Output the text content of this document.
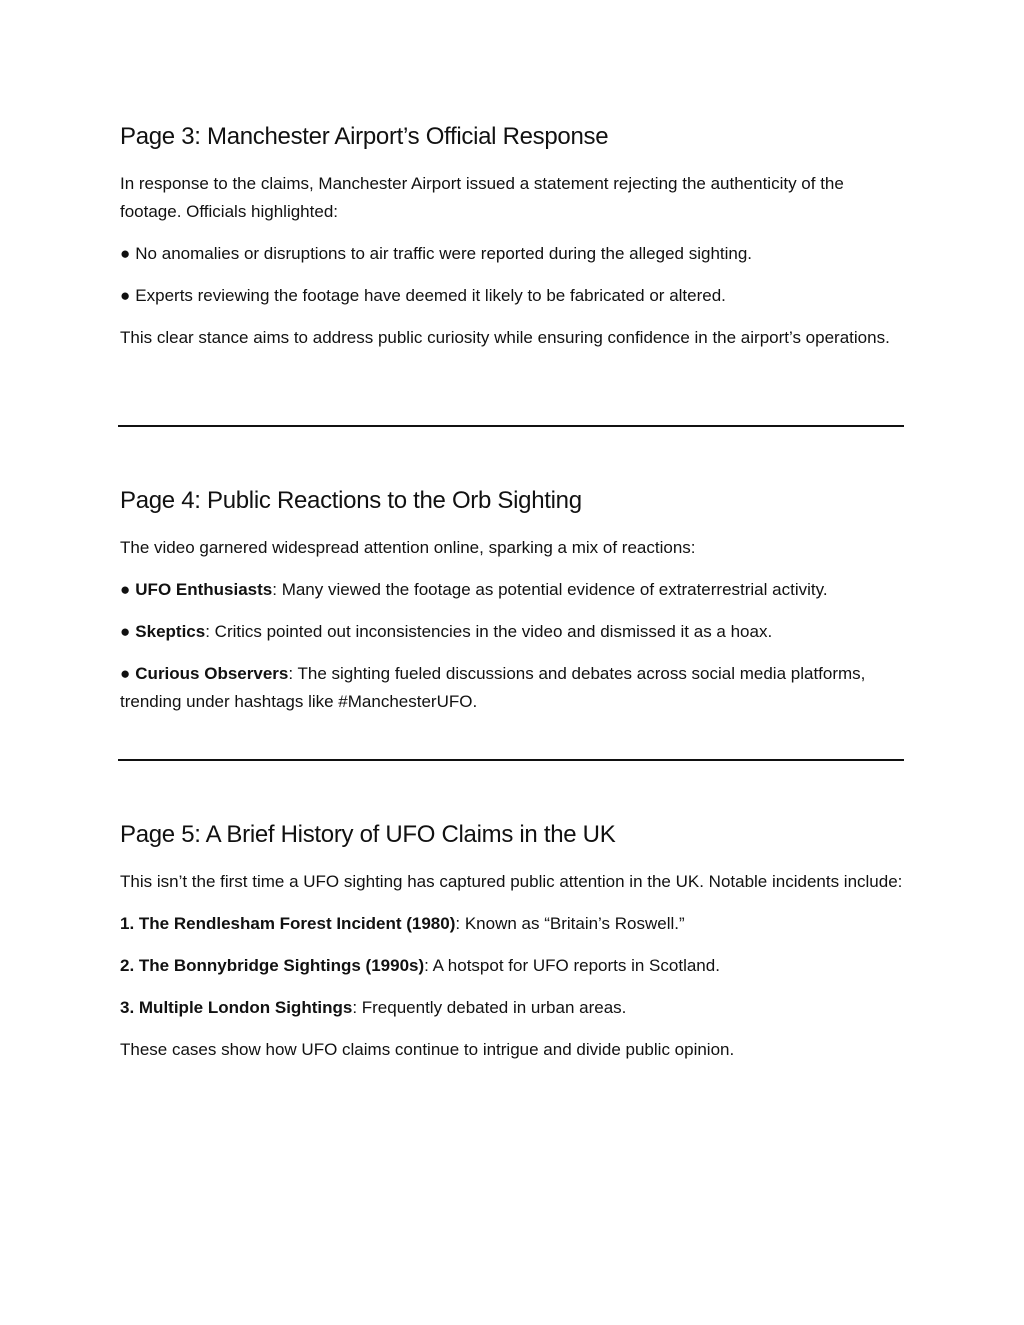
Page 3: Manchester Airport’s Official Response

In response to the claims, Manchester Airport issued a statement rejecting the authenticity of the footage. Officials highlighted:

● No anomalies or disruptions to air traffic were reported during the alleged sighting.

● Experts reviewing the footage have deemed it likely to be fabricated or altered.

This clear stance aims to address public curiosity while ensuring confidence in the airport’s operations.

Page 4: Public Reactions to the Orb Sighting

The video garnered widespread attention online, sparking a mix of reactions:

● UFO Enthusiasts: Many viewed the footage as potential evidence of extraterrestrial activity.

● Skeptics: Critics pointed out inconsistencies in the video and dismissed it as a hoax.

● Curious Observers: The sighting fueled discussions and debates across social media platforms, trending under hashtags like #ManchesterUFO.

Page 5: A Brief History of UFO Claims in the UK

This isn’t the first time a UFO sighting has captured public attention in the UK. Notable incidents include:

1. The Rendlesham Forest Incident (1980): Known as “Britain’s Roswell.”

2. The Bonnybridge Sightings (1990s): A hotspot for UFO reports in Scotland.

3. Multiple London Sightings: Frequently debated in urban areas.

These cases show how UFO claims continue to intrigue and divide public opinion.
